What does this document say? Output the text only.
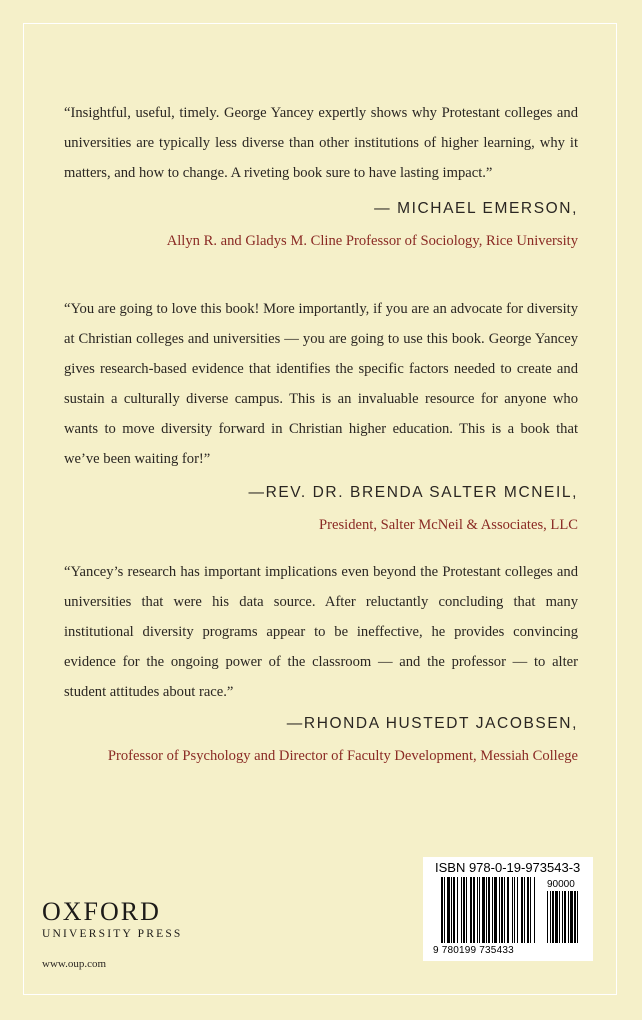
“Insightful, useful, timely. George Yancey expertly shows why Protestant colleges and universities are typically less diverse than other institutions of higher learning, why it matters, and how to change. A riveting book sure to have lasting impact.”

— MICHAEL EMERSON,

Allyn R. and Gladys M. Cline Professor of Sociology, Rice University

“You are going to love this book! More importantly, if you are an advocate for diversity at Christian colleges and universities — you are going to use this book. George Yancey gives research-based evidence that identifies the specific factors needed to create and sustain a culturally diverse campus. This is an invaluable resource for anyone who wants to move diversity forward in Christian higher education. This is a book that we’ve been waiting for!”

—REV. DR. BRENDA SALTER MCNEIL,

President, Salter McNeil & Associates, LLC

“Yancey’s research has important implications even beyond the Protestant colleges and universities that were his data source. After reluctantly concluding that many institutional diversity programs appear to be ineffective, he provides convincing evidence for the ongoing power of the classroom — and the professor — to alter student attitudes about race.”

—RHONDA HUSTEDT JACOBSEN,

Professor of Psychology and Director of Faculty Development, Messiah College

OXFORD
UNIVERSITY PRESS
www.oup.com
ISBN 978-0-19-973543-3
90000
9 780199 735433
